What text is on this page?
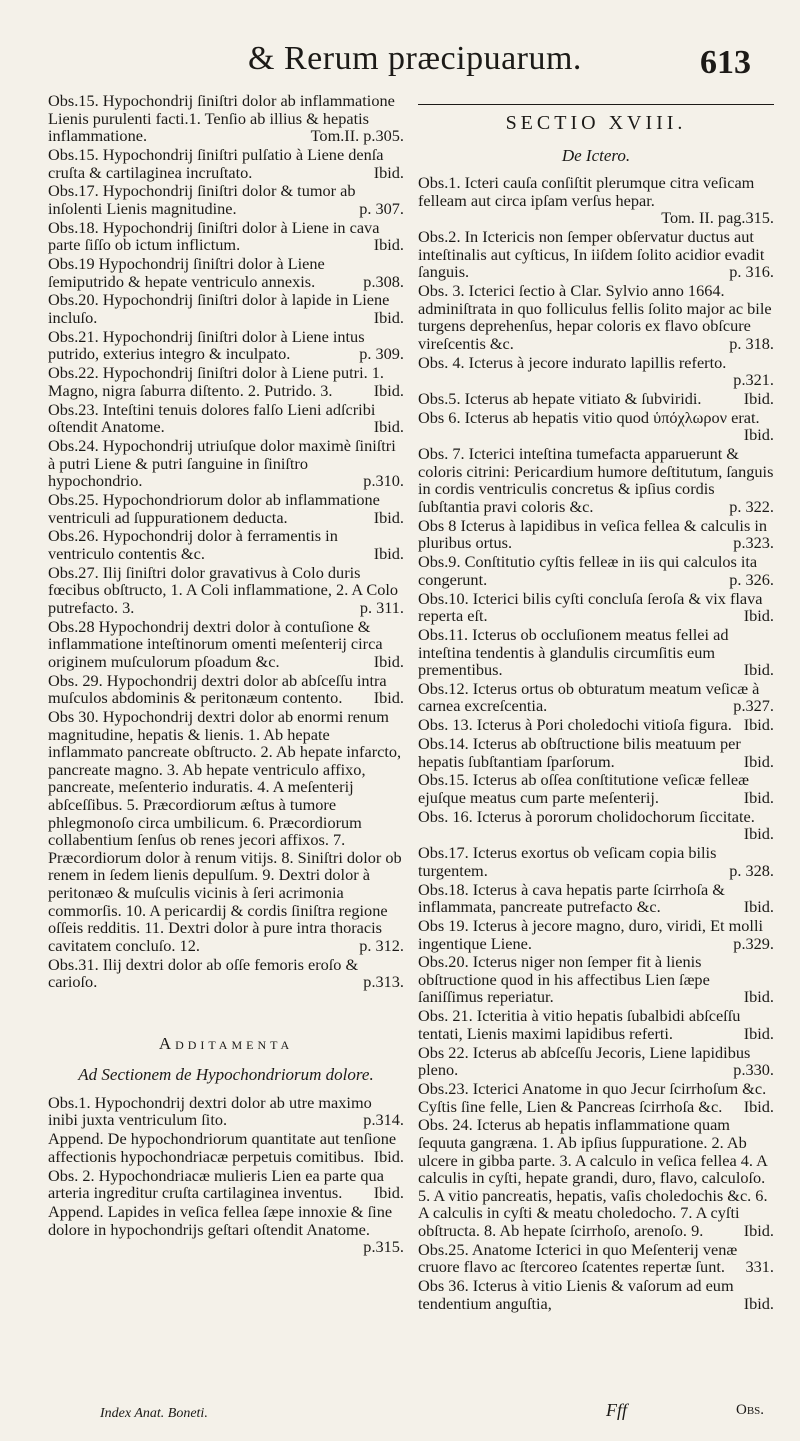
& Rerum præcipuarum.	613
Obs.15. Hypochondrij ſiniſtri dolor ab inflammatione Lienis purulenti facti.1. Tenſio ab illius & hepatis inflammatione.	Tom.II. p.305.
Obs.15. Hypochondrij ſiniſtri pulſatio à Liene denſa cruſta & cartilaginea incruſtato.	Ibid.
Obs.17. Hypochondrij ſiniſtri dolor & tumor ab inſolenti Lienis magnitudine.	p. 307.
Obs.18. Hypochondrij ſiniſtri dolor à Liene in cava parte ſiſſo ob ictum inflictum.	Ibid.
Obs.19 Hypochondrij ſiniſtri dolor à Liene ſemiputrido & hepate ventriculo annexis.	p.308.
Obs.20. Hypochondrij ſiniſtri dolor à lapide in Liene incluſo.	Ibid.
Obs.21. Hypochondrij ſiniſtri dolor à Liene intus putrido, exterius integro & inculpato.	p. 309.
Obs.22. Hypochondrij ſiniſtri dolor à Liene putri. 1. Magno, nigra ſaburra diſtento. 2. Putrido. 3.	Ibid.
Obs.23. Inteſtini tenuis dolores falſo Lieni adſcribi oſtendit Anatome.	Ibid.
Obs.24. Hypochondrij utriuſque dolor maximè ſiniſtri à putri Liene & putri ſanguine in ſiniſtro hypochondrio.	p.310.
Obs.25. Hypochondriorum dolor ab inflammatione ventriculi ad ſuppurationem deducta.	Ibid.
Obs.26. Hypochondrij dolor à ferramentis in ventriculo contentis &c.	Ibid.
Obs.27. Ilij ſiniſtri dolor gravativus à Colo duris fœcibus obſtructo, 1. A Coli inflammatione, 2. A Colo putrefacto. 3.	p. 311.
Obs.28 Hypochondrij dextri dolor à contuſione & inflammatione inteſtinorum omenti meſenterij circa originem muſculorum pſoadum &c.	Ibid.
Obs. 29. Hypochondrij dextri dolor ab abſceſſu intra muſculos abdominis & peritonæum contento.	Ibid.
Obs 30. Hypochondrij dextri dolor ab enormi renum magnitudine, hepatis & lienis. 1. Ab hepate inflammato pancreate obſtructo. 2. Ab hepate infarcto, pancreate magno. 3. Ab hepate ventriculo affixo, pancreate, meſenterio induratis. 4. A meſenterij abſceſſibus. 5. Præcordiorum æſtus à tumore phlegmonoſo circa umbilicum. 6. Præcordiorum collabentium ſenſus ob renes jecori affixos. 7. Præcordiorum dolor à renum vitijs. 8. Siniſtri dolor ob renem in ſedem lienis depulſum. 9. Dextri dolor à peritonæo & muſculis vicinis à ſeri acrimonia commorſis. 10. A pericardij & cordis ſiniſtra regione oſſeis redditis. 11. Dextri dolor à pure intra thoracis cavitatem concluſo. 12.	p. 312.
Obs.31. Ilij dextri dolor ab oſſe femoris eroſo & carioſo.	p.313.
Additamenta
Ad Sectionem de Hypochondriorum dolore.
Obs.1. Hypochondrij dextri dolor ab utre maximo inibi juxta ventriculum ſito.	p.314.
Append. De hypochondriorum quantitate aut tenſione affectionis hypochondriacæ perpetuis comitibus. Ibid.
Obs. 2. Hypochondriacæ mulieris Lien ea parte qua arteria ingreditur cruſta cartilaginea inventus.	Ibid.
Append. Lapides in veſica fellea ſæpe innoxie & ſine dolore in hypochondrijs geſtari oſtendit Anatome.
p.315.
SECTIO XVIII.
De Ictero.
Obs.1. Icteri cauſa conſiſtit plerumque citra veſicam felleam aut circa ipſam verſus hepar.
Tom. II. pag.315.
Obs.2. In Ictericis non ſemper obſervatur ductus aut inteſtinalis aut cyſticus, In iiſdem ſolito acidior evadit ſanguis.	p. 316.
Obs. 3. Icterici ſectio à Clar. Sylvio anno 1664. adminiſtrata in quo folliculus fellis ſolito major ac bile turgens deprehenſus, hepar coloris ex flavo obſcure vireſcentis &c.	p. 318.
Obs. 4. Icterus à jecore indurato lapillis referto.
p.321.
Obs.5. Icterus ab hepate vitiato & ſubviridi.	Ibid.
Obs 6. Icterus ab hepatis vitio quod ὑπόχλωρον erat.
Ibid.
Obs. 7. Icterici inteſtina tumefacta apparuerunt & coloris citrini: Pericardium humore deſtitutum, ſanguis in cordis ventriculis concretus & ipſius cordis ſubſtantia pravi coloris &c.	p. 322.
Obs 8 Icterus à lapidibus in veſica fellea & calculis in pluribus ortus.	p.323.
Obs.9. Conſtitutio cyſtis felleæ in iis qui calculos ita congerunt.	p. 326.
Obs.10. Icterici bilis cyſti concluſa ſeroſa & vix flava reperta eſt.	Ibid.
Obs.11. Icterus ob occluſionem meatus fellei ad inteſtina tendentis à glandulis circumſitis eum prementibus.	Ibid.
Obs.12. Icterus ortus ob obturatum meatum veſicæ à carnea excreſcentia.	p.327.
Obs. 13. Icterus à Pori choledochi vitioſa figura. Ibid.
Obs.14. Icterus ab obſtructione bilis meatuum per hepatis ſubſtantiam ſparſorum.	Ibid.
Obs.15. Icterus ab oſſea conſtitutione veſicæ felleæ ejuſque meatus cum parte meſenterij.	Ibid.
Obs. 16. Icterus à pororum cholidochorum ſiccitate.
Ibid.
Obs.17. Icterus exortus ob veſicam copia bilis turgentem.	p. 328.
Obs.18. Icterus à cava hepatis parte ſcirrhoſa & inflammata, pancreate putrefacto &c.	Ibid.
Obs 19. Icterus à jecore magno, duro, viridi, Et molli ingentique Liene.	p.329.
Obs.20. Icterus niger non ſemper fit à lienis obſtructione quod in his affectibus Lien ſæpe ſaniſſimus reperiatur.	Ibid.
Obs. 21. Icteritia à vitio hepatis ſubalbidi abſceſſu tentati, Lienis maximi lapidibus referti.	Ibid.
Obs 22. Icterus ab abſceſſu Jecoris, Liene lapidibus pleno.	p.330.
Obs.23. Icterici Anatome in quo Jecur ſcirrhoſum &c. Cyſtis ſine felle, Lien & Pancreas ſcirrhoſa &c.	Ibid.
Obs. 24. Icterus ab hepatis inflammatione quam ſequuta gangræna. 1. Ab ipſius ſuppuratione. 2. Ab ulcere in gibba parte. 3. A calculo in veſica fellea 4. A calculis in cyſti, hepate grandi, duro, flavo, calculoſo. 5. A vitio pancreatis, hepatis, vaſis choledochis &c. 6. A calculis in cyſti & meatu choledocho. 7. A cyſti obſtructa. 8. Ab hepate ſcirrhoſo, arenoſo. 9.	Ibid.
Obs.25. Anatome Icterici in quo Meſenterij venæ cruore flavo ac ſtercoreo ſcatentes repertæ ſunt.	331.
Obs 36. Icterus à vitio Lienis & vaſorum ad eum tendentium anguſtia,	Ibid.
Index Anat. Boneti.	Fff	Obs.
